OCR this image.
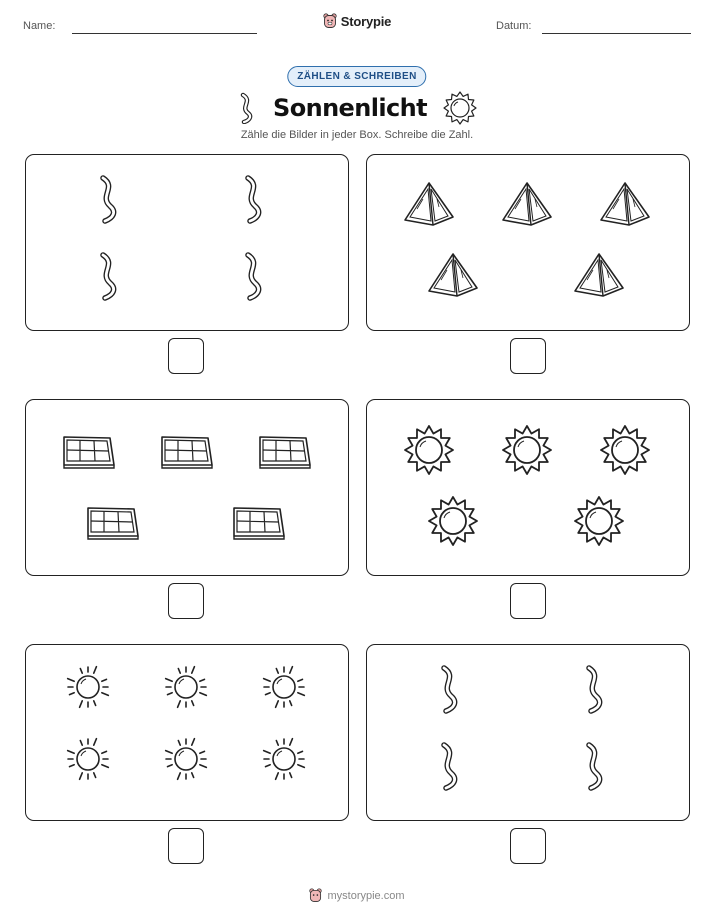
Name:	Storypie	Datum:
ZÄHLEN & SCHREIBEN
Sonnenlicht
Zähle die Bilder in jeder Box. Schreibe die Zahl.
mystorypie.com
